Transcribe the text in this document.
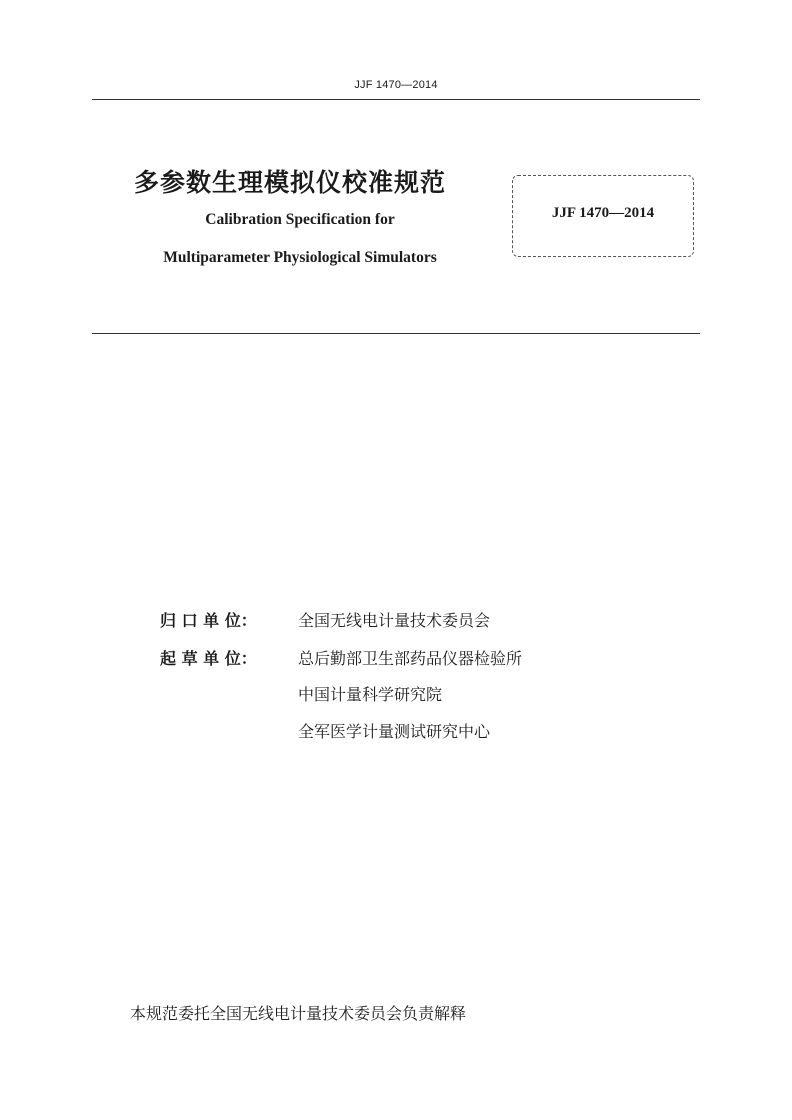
JJF 1470—2014
多参数生理模拟仪校准规范
Calibration Specification for
Multiparameter Physiological Simulators
JJF 1470—2014
归 口 单 位：	全国无线电计量技术委员会
起 草 单 位：	总后勤部卫生部药品仪器检验所
中国计量科学研究院
全军医学计量测试研究中心
本规范委托全国无线电计量技术委员会负责解释
